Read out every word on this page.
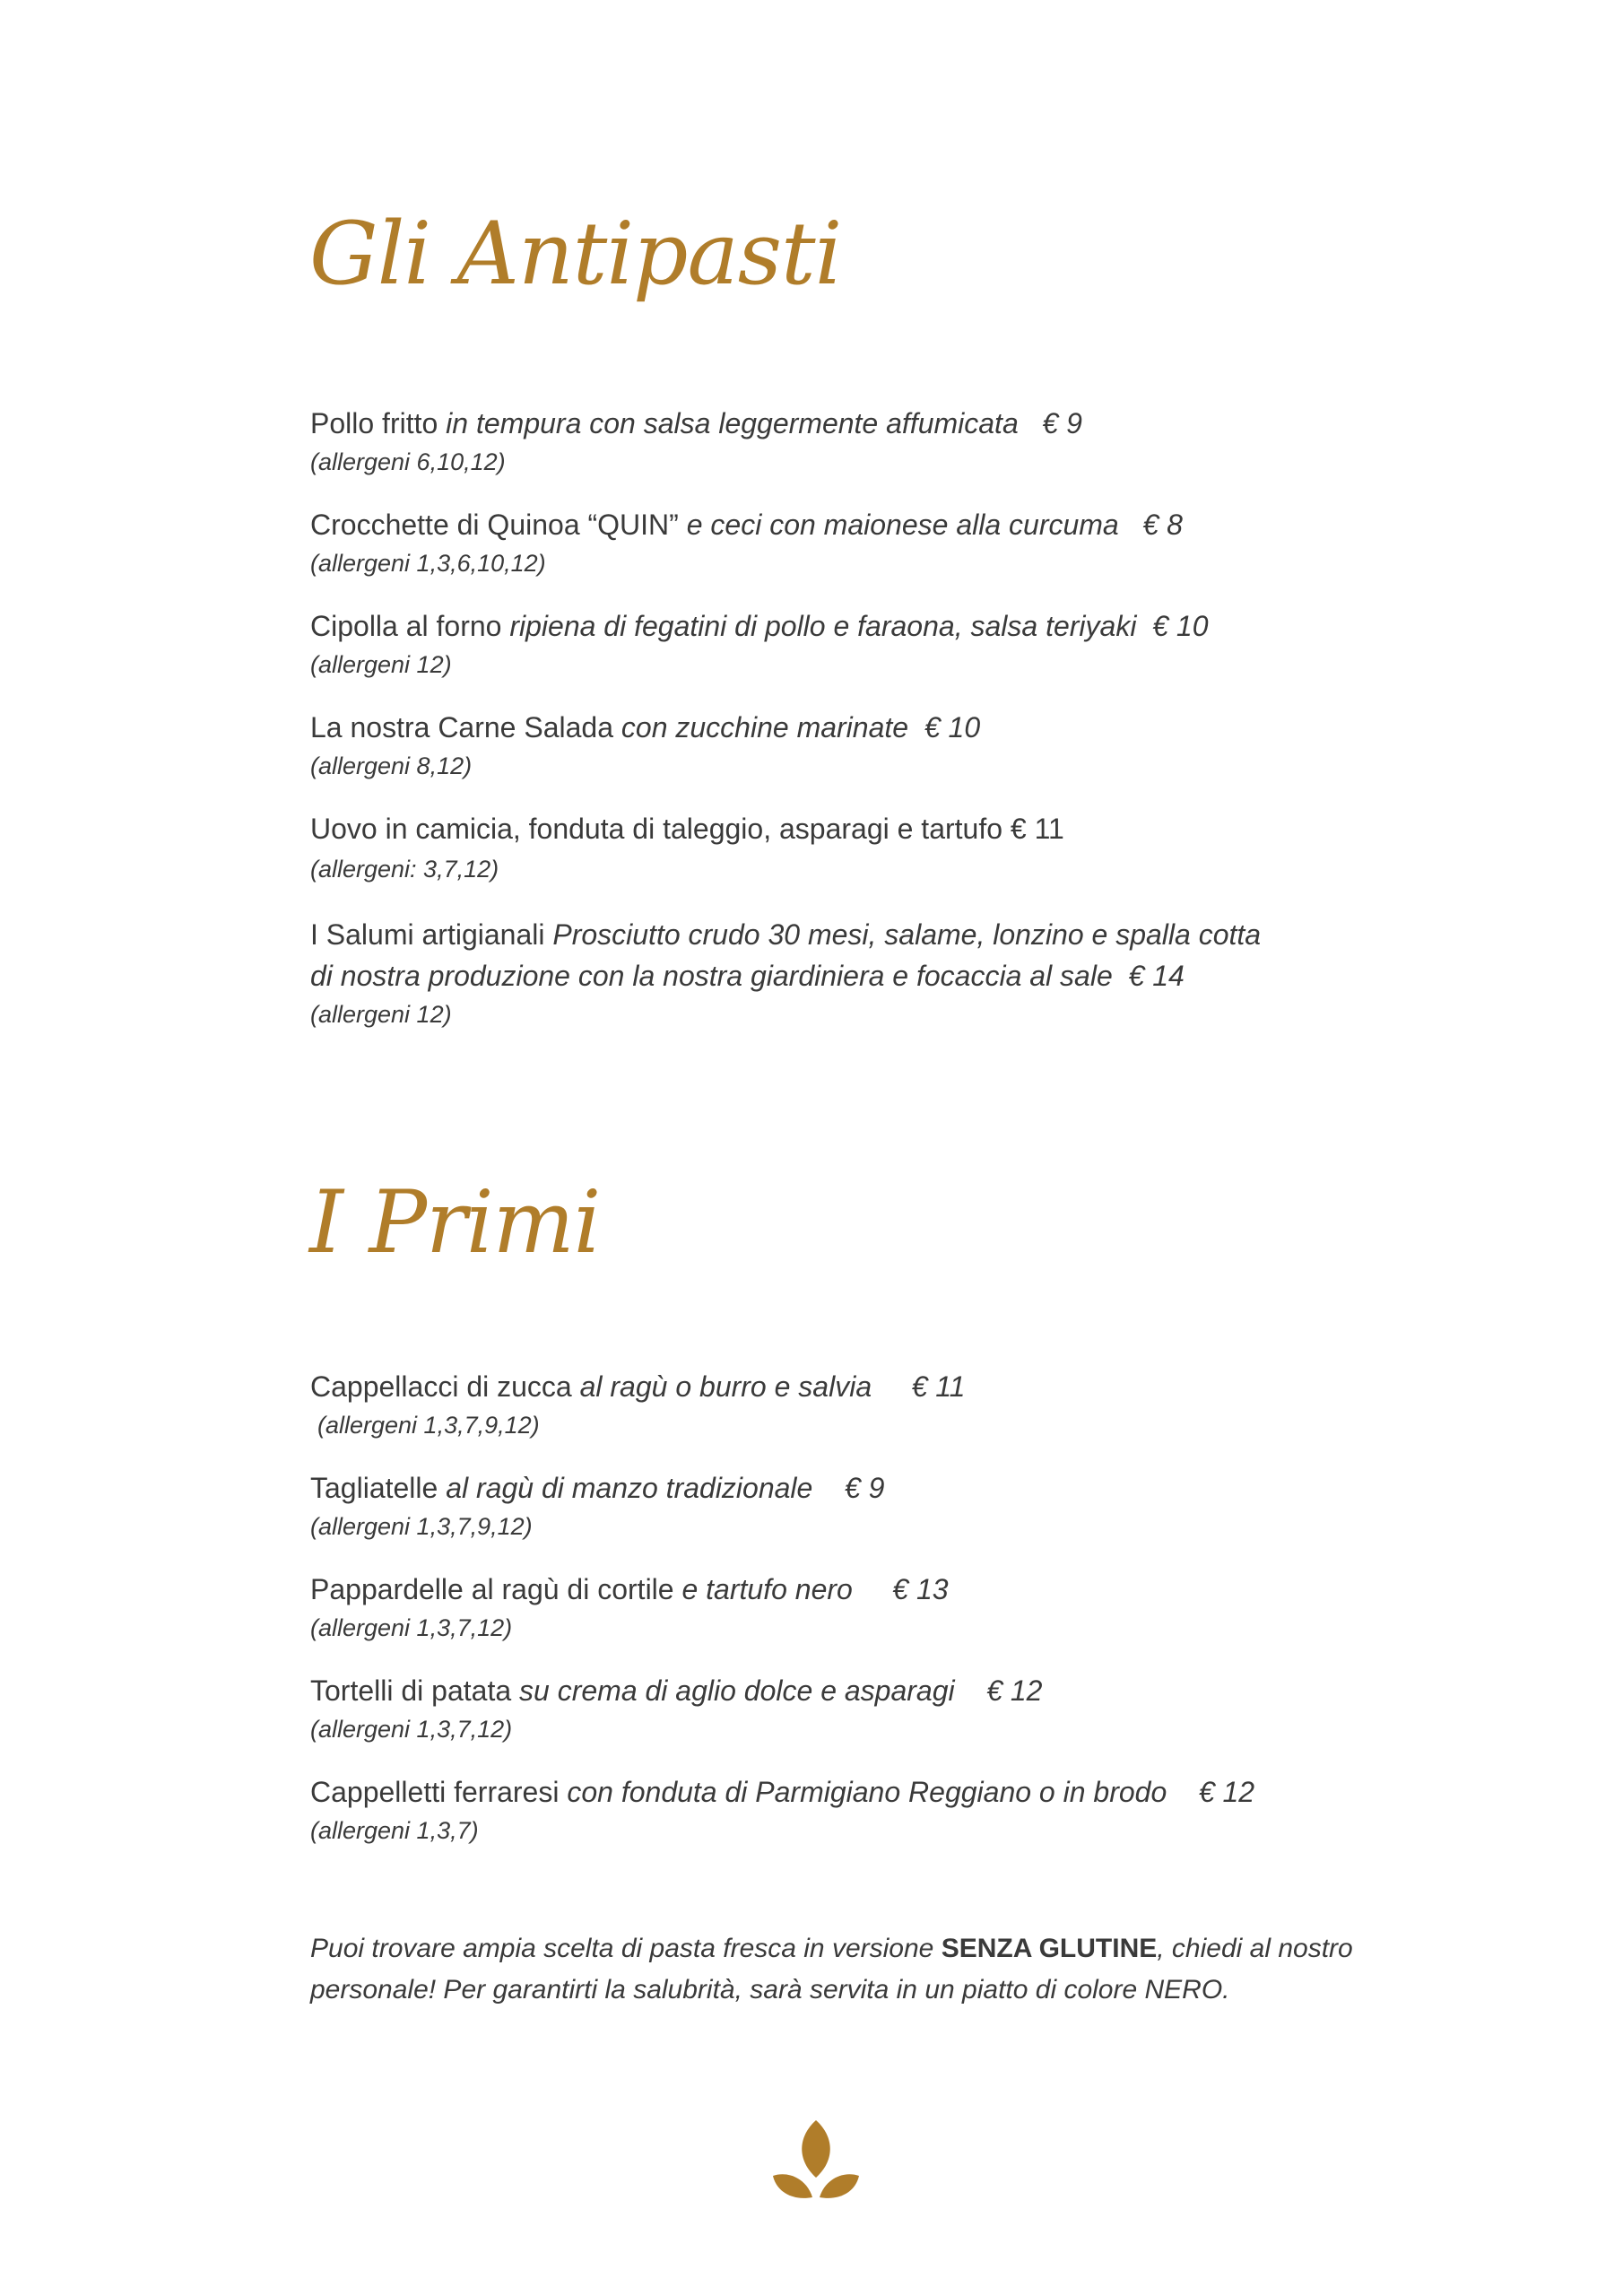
Gli Antipasti
Pollo fritto in tempura con salsa leggermente affumicata € 9
(allergeni 6,10,12)
Crocchette di Quinoa “QUIN” e ceci con maionese alla curcuma € 8
(allergeni 1,3,6,10,12)
Cipolla al forno ripiena di fegatini di pollo e faraona, salsa teriyaki € 10
(allergeni 12)
La nostra Carne Salada con zucchine marinate € 10
(allergeni 8,12)
Uovo in camicia, fonduta di taleggio, asparagi e tartufo € 11
(allergeni: 3,7,12)
I Salumi artigianali Prosciutto crudo 30 mesi, salame, lonzino e spalla cotta di nostra produzione con la nostra giardiniera e focaccia al sale € 14
(allergeni 12)
I Primi
Cappellacci di zucca al ragù o burro e salvia € 11
(allergeni 1,3,7,9,12)
Tagliatelle al ragù di manzo tradizionale € 9
(allergeni 1,3,7,9,12)
Pappardelle al ragù di cortile e tartufo nero € 13
(allergeni 1,3,7,12)
Tortelli di patata su crema di aglio dolce e asparagi € 12
(allergeni 1,3,7,12)
Cappelletti ferraresi con fonduta di Parmigiano Reggiano o in brodo € 12
(allergeni 1,3,7)

Puoi trovare ampia scelta di pasta fresca in versione SENZA GLUTINE, chiedi al nostro personale! Per garantirti la salubrità, sarà servita in un piatto di colore NERO.
